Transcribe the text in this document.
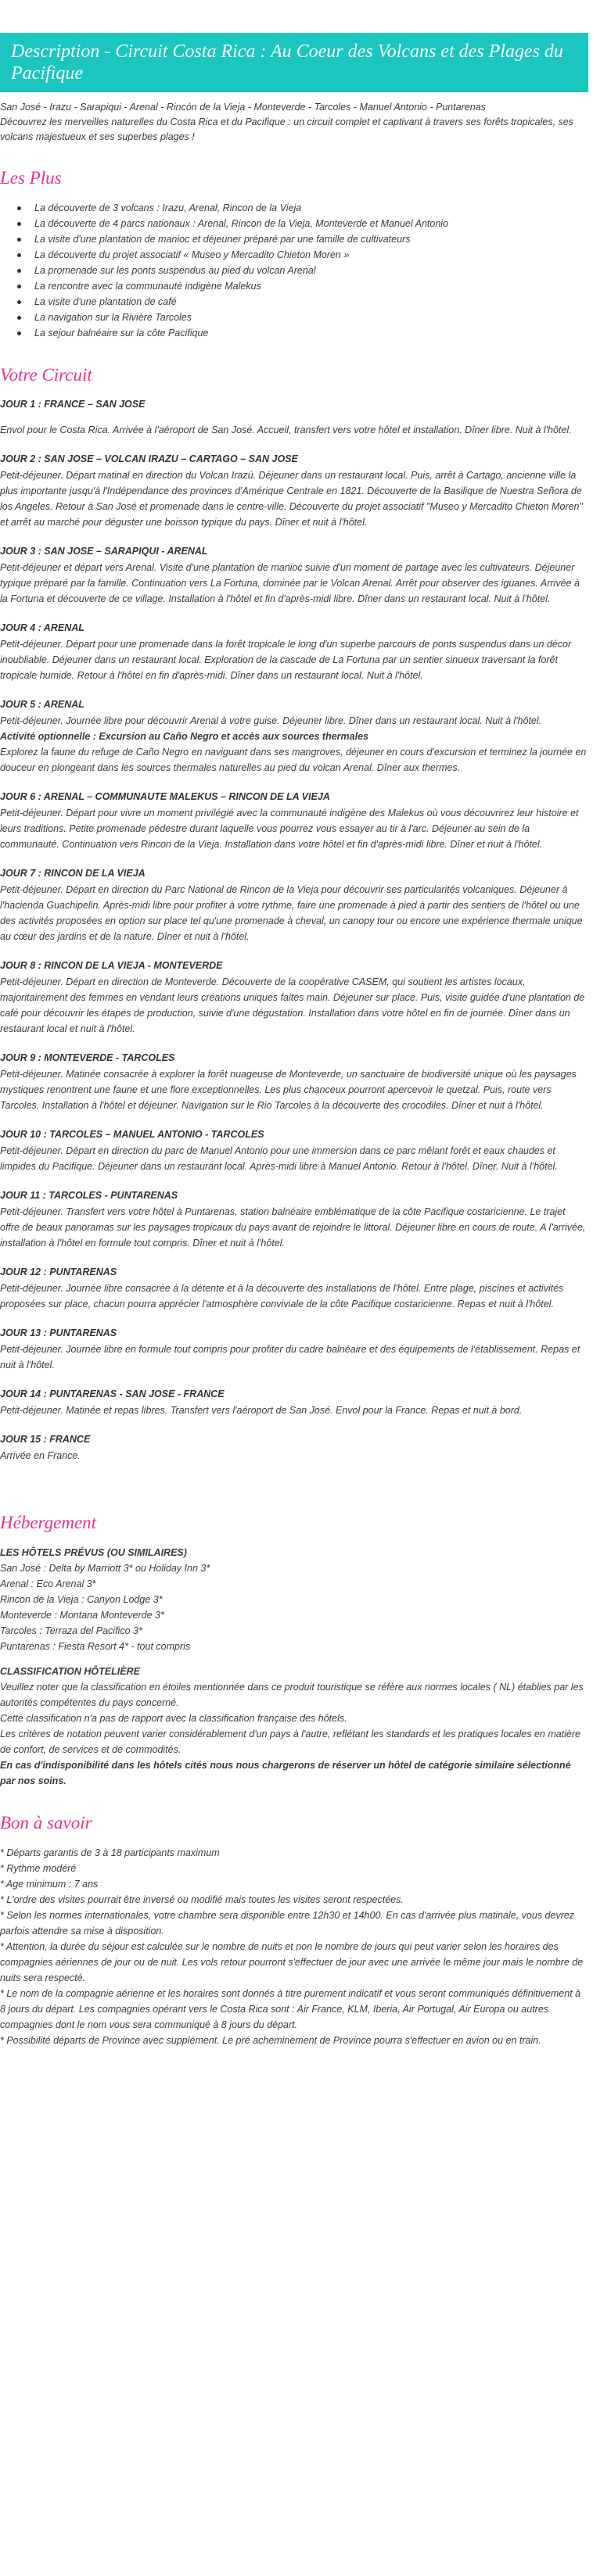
Description - Circuit Costa Rica : Au Coeur des Volcans et des Plages du Pacifique

San José - Irazu - Sarapiqui - Arenal - Rincón de la Vieja - Monteverde - Tarcoles - Manuel Antonio - Puntarenas

Découvrez les merveilles naturelles du Costa Rica et du Pacifique : un circuit complet et captivant à travers ses forêts tropicales, ses volcans majestueux et ses superbes plages !

Les Plus
La découverte de 3 volcans : Irazu, Arenal, Rincon de la Vieja
La découverte de 4 parcs nationaux : Arenal, Rincon de la Vieja, Monteverde et Manuel Antonio
La visite d'une plantation de manioc et déjeuner préparé par une famille de cultivateurs
La découverte du projet associatif « Museo y Mercadito Chieton Moren »
La promenade sur les ponts suspendus au pied du volcan Arenal
La rencontre avec la communauté indigène Malekus
La visite d'une plantation de café
La navigation sur la Rivière Tarcoles
La sejour balnéaire sur la côte Pacifique
Votre Circuit
JOUR 1 : FRANCE – SAN JOSE

Envol pour le Costa Rica. Arrivée à l'aéroport de San José. Accueil, transfert vers votre hôtel et installation. Dîner libre. Nuit à l'hôtel.

JOUR 2 : SAN JOSE – VOLCAN IRAZU – CARTAGO – SAN JOSE

Petit-déjeuner. Départ matinal en direction du Volcan Irazú. Déjeuner dans un restaurant local. Puis, arrêt à Cartago, ancienne ville la plus importante jusqu'à l'Indépendance des provinces d'Amérique Centrale en 1821. Découverte de la Basilique de Nuestra Señora de los Angeles. Retour à San José et promenade dans le centre-ville. Découverte du projet associatif "Museo y Mercadito Chieton Moren" et arrêt au marché pour déguster une boisson typique du pays. Dîner et nuit à l'hôtel.

JOUR 3 : SAN JOSE – SARAPIQUI - ARENAL

Petit-déjeuner et départ vers Arenal. Visite d'une plantation de manioc suivie d'un moment de partage avec les cultivateurs. Déjeuner typique préparé par la famille. Continuation vers La Fortuna, dominée par le Volcan Arenal. Arrêt pour observer des iguanes. Arrivée à la Fortuna et découverte de ce village. Installation à l'hôtel et fin d'après-midi libre. Dîner dans un restaurant local. Nuit à l'hôtel.

JOUR 4 : ARENAL

Petit-déjeuner. Départ pour une promenade dans la forêt tropicale le long d'un superbe parcours de ponts suspendus dans un décor inoubliable. Déjeuner dans un restaurant local. Exploration de la cascade de La Fortuna par un sentier sinueux traversant la forêt tropicale humide. Retour à l'hôtel en fin d'après-midi. Dîner dans un restaurant local. Nuit à l'hôtel.

JOUR 5 : ARENAL

Petit-déjeuner. Journée libre pour découvrir Arenal à votre guise. Déjeuner libre. Dîner dans un restaurant local. Nuit à l'hôtel.

Activité optionnelle : Excursion au Caño Negro et accès aux sources thermales

Explorez la faune du refuge de Caño Negro en naviguant dans ses mangroves, déjeuner en cours d'excursion et terminez la journée en douceur en plongeant dans les sources thermales naturelles au pied du volcan Arenal. Dîner aux thermes.

JOUR 6 : ARENAL – COMMUNAUTE MALEKUS – RINCON DE LA VIEJA

Petit-déjeuner. Départ pour vivre un moment privilégié avec la communauté indigène des Malekus où vous découvrirez leur histoire et leurs traditions. Petite promenade pédestre durant laquelle vous pourrez vous essayer au tir à l'arc. Déjeuner au sein de la communauté. Continuation vers Rincon de la Vieja. Installation dans votre hôtel et fin d'après-midi libre. Dîner et nuit à l'hôtel.

JOUR 7 : RINCON DE LA VIEJA

Petit-déjeuner. Départ en direction du Parc National de Rincon de la Vieja pour découvrir ses particularités volcaniques. Déjeuner à l'hacienda Guachipelin. Après-midi libre pour profiter à votre rythme, faire une promenade à pied à partir des sentiers de l'hôtel ou une des activités proposées en option sur place tel qu'une promenade à cheval, un canopy tour ou encore une expérience thermale unique au cœur des jardins et de la nature. Dîner et nuit à l'hôtel.

JOUR 8 : RINCON DE LA VIEJA - MONTEVERDE

Petit-déjeuner. Départ en direction de Monteverde. Découverte de la coopérative CASEM, qui soutient les artistes locaux, majoritairement des femmes en vendant leurs créations uniques faites main. Déjeuner sur place. Puis, visite guidée d'une plantation de café pour découvrir les étapes de production, suivie d'une dégustation. Installation dans votre hôtel en fin de journée. Dîner dans un restaurant local et nuit à l'hôtel.

JOUR 9 : MONTEVERDE - TARCOLES

Petit-déjeuner. Matinée consacrée à explorer la forêt nuageuse de Monteverde, un sanctuaire de biodiversité unique où les paysages mystiques renontrent une faune et une flore exceptionnelles. Les plus chanceux pourront apercevoir le quetzal. Puis, route vers Tarcoles. Installation à l'hôtel et déjeuner. Navigation sur le Rio Tarcoles à la découverte des crocodiles. Dîner et nuit à l'hôtel.

JOUR 10 : TARCOLES – MANUEL ANTONIO - TARCOLES

Petit-déjeuner. Départ en direction du parc de Manuel Antonio pour une immersion dans ce parc mêlant forêt et eaux chaudes et limpides du Pacifique. Déjeuner dans un restaurant local. Après-midi libre à Manuel Antonio. Retour à l'hôtel. Dîner. Nuit à l'hôtel.

JOUR 11 : TARCOLES - PUNTARENAS

Petit-déjeuner. Transfert vers votre hôtel à Puntarenas, station balnéaire emblématique de la côte Pacifique costaricienne. Le trajet offre de beaux panoramas sur les paysages tropicaux du pays avant de rejoindre le littoral. Déjeuner libre en cours de route. A l'arrivée, installation à l'hôtel en formule tout compris. Dîner et nuit à l'hôtel.

JOUR 12 : PUNTARENAS

Petit-déjeuner. Journée libre consacrée à la détente et à la découverte des installations de l'hôtel. Entre plage, piscines et activités proposées sur place, chacun pourra apprécier l'atmosphère conviviale de la côte Pacifique costaricienne. Repas et nuit à l'hôtel.

JOUR 13 : PUNTARENAS

Petit-déjeuner. Journée libre en formule tout compris pour profiter du cadre balnéaire et des équipements de l'établissement. Repas et nuit à l'hôtel.

JOUR 14 : PUNTARENAS - SAN JOSE - FRANCE

Petit-déjeuner. Matinée et repas libres. Transfert vers l'aéroport de San José. Envol pour la France. Repas et nuit à bord.

JOUR 15 : FRANCE

Arrivée en France.

Hébergement

LES HÔTELS PRÉVUS (OU SIMILAIRES)

San José : Delta by Marriott 3* ou Holiday Inn 3*

Arenal : Eco Arenal 3*

Rincon de la Vieja : Canyon Lodge 3*

Monteverde : Montana Monteverde 3*

Tarcoles : Terraza del Pacifico 3*

Puntarenas : Fiesta Resort 4* - tout compris

CLASSIFICATION HÔTELIÈRE

Veuillez noter que la classification en étoiles mentionnée dans ce produit touristique se réfère aux normes locales ( NL) établies par les autorités compétentes du pays concerné.

Cette classification n'a pas de rapport avec la classification française des hôtels.

Les critères de notation peuvent varier considérablement d'un pays à l'autre, reflétant les standards et les pratiques locales en matière de confort, de services et de commodités.

En cas d'indisponibilité dans les hôtels cités nous nous chargerons de réserver un hôtel de catégorie similaire sélectionné par nos soins.

Bon à savoir

* Départs garantis de 3 à 18 participants maximum

* Rythme modéré

* Age minimum : 7 ans

* L'ordre des visites pourrait être inversé ou modifié mais toutes les visites seront respectées.

* Selon les normes internationales, votre chambre sera disponible entre 12h30 et 14h00. En cas d'arrivée plus matinale, vous devrez parfois attendre sa mise à disposition.

* Attention, la durée du séjour est calculée sur le nombre de nuits et non le nombre de jours qui peut varier selon les horaires des compagnies aériennes de jour ou de nuit. Les vols retour pourront s'effectuer de jour avec une arrivée le même jour mais le nombre de nuits sera respecté.

* Le nom de la compagnie aérienne et les horaires sont donnés à titre purement indicatif et vous seront communiqués définitivement à 8 jours du départ. Les compagnies opérant vers le Costa Rica sont : Air France, KLM, Iberia, Air Portugal, Air Europa ou autres compagnies dont le nom vous sera communiqué à 8 jours du départ.

* Possibilité départs de Province avec supplément. Le pré acheminement de Province pourra s'effectuer en avion ou en train.
